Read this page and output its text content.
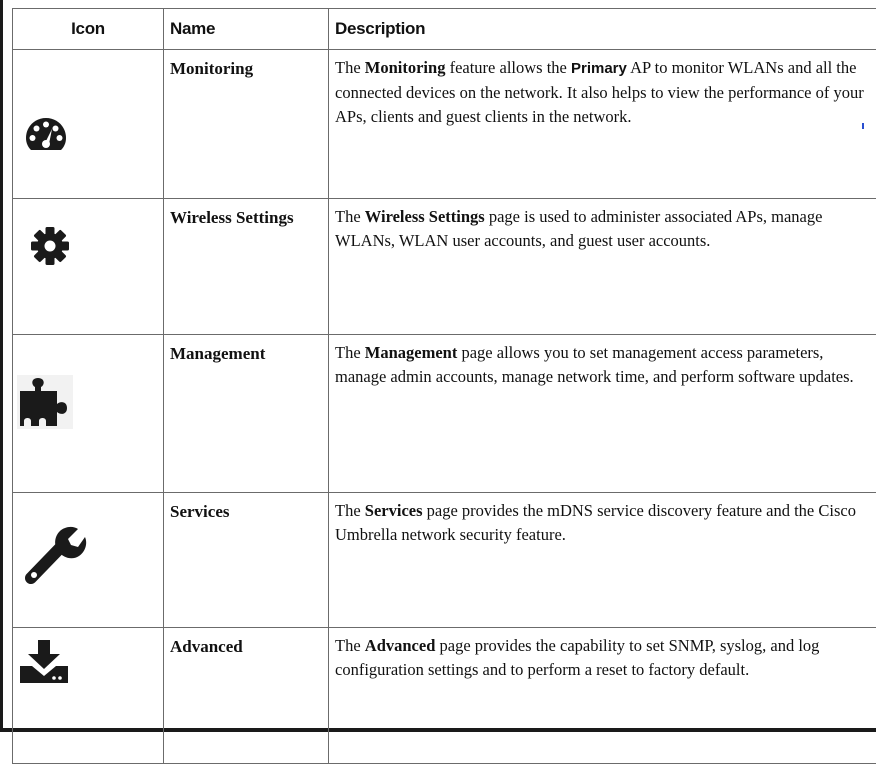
Icon	Name	Description

	Monitoring	The Monitoring feature allows the Primary AP to monitor WLANs and all the connected devices on the network. It also helps to view the performance of your APs, clients and guest clients in the network.

	Wireless Settings	The Wireless Settings page is used to administer associated APs, manage WLANs, WLAN user accounts, and guest user accounts.

	Management	The Management page allows you to set management access parameters, manage admin accounts, manage network time, and perform software updates.

	Services	The Services page provides the mDNS service discovery feature and the Cisco Umbrella network security feature.

	Advanced	The Advanced page provides the capability to set SNMP, syslog, and log configuration settings and to perform a reset to factory default.
